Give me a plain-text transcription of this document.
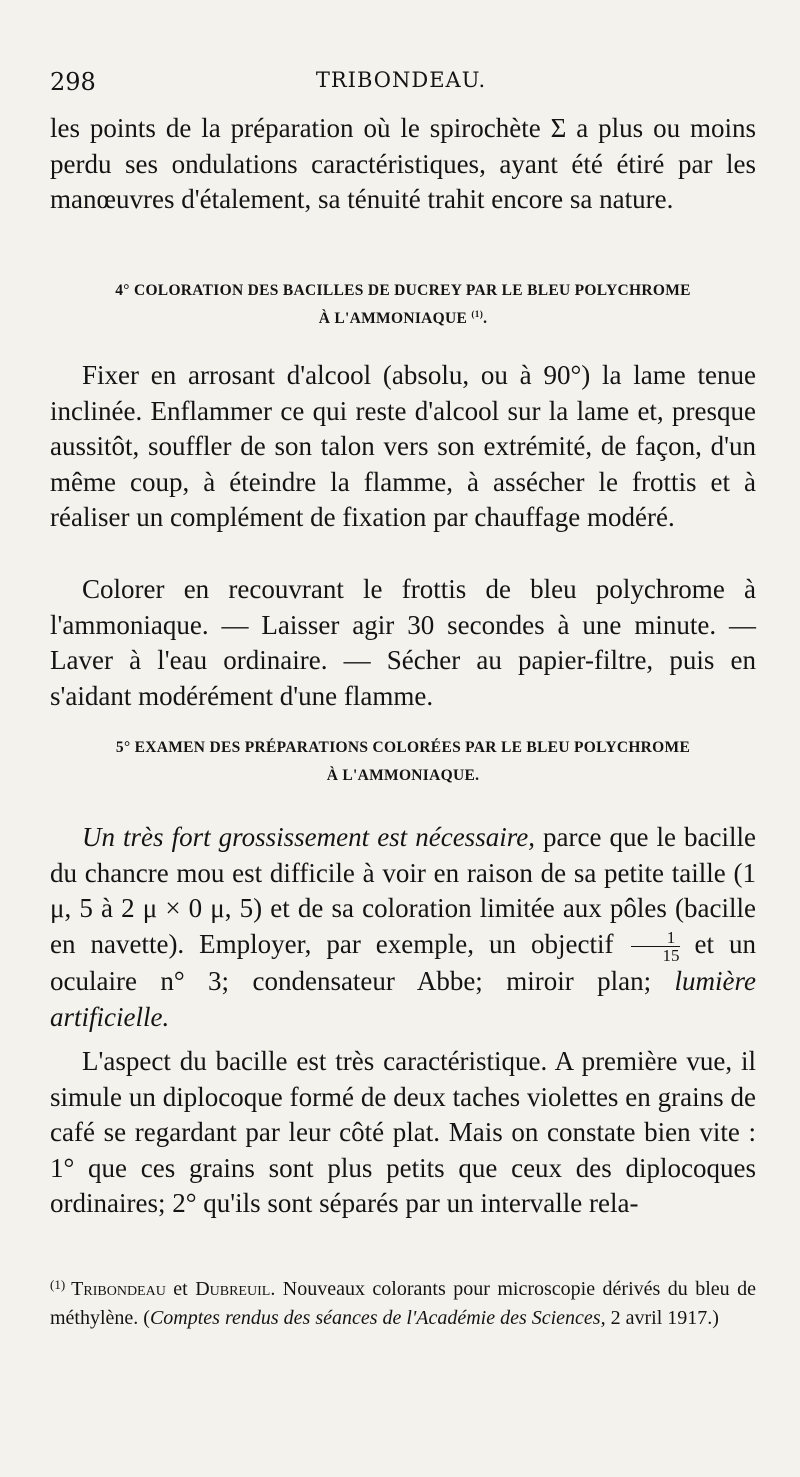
298	TRIBONDEAU.

les points de la préparation où le spirochète Σ a plus ou moins perdu ses ondulations caractéristiques, ayant été étiré par les manœuvres d'étalement, sa ténuité trahit encore sa nature.

4° COLORATION DES BACILLES DE DUCREY PAR LE BLEU POLYCHROME

À L'AMMONIAQUE $^{(1)}$.

Fixer en arrosant d'alcool (absolu, ou à 90°) la lame tenue inclinée. Enflammer ce qui reste d'alcool sur la lame et, presque aussitôt, souffler de son talon vers son extrémité, de façon, d'un même coup, à éteindre la flamme, à assécher le frottis et à réaliser un complément de fixation par chauffage modéré.

Colorer en recouvrant le frottis de bleu polychrome à l'ammoniaque. — Laisser agir 30 secondes à une minute. — Laver à l'eau ordinaire. — Sécher au papier-filtre, puis en s'aidant modérément d'une flamme.

5° EXAMEN DES PRÉPARATIONS COLORÉES PAR LE BLEU POLYCHROME

À L'AMMONIAQUE.

Un très fort grossissement est nécessaire, parce que le bacille du chancre mou est difficile à voir en raison de sa petite taille (1 μ, 5 à 2 μ × 0 μ, 5) et de sa coloration limitée aux pôles (bacille en navette). Employer, par exemple, un objectif $\frac{1}{15}$ et un oculaire n° 3; condensateur Abbe; miroir plan; lumière artificielle.

L'aspect du bacille est très caractéristique. A première vue, il simule un diplocoque formé de deux taches violettes en grains de café se regardant par leur côté plat. Mais on constate bien vite : 1° que ces grains sont plus petits que ceux des diplocoques ordinaires; 2° qu'ils sont séparés par un intervalle rela-

$^{(1)}$ Tribondeau et Dubreuil. Nouveaux colorants pour microscopie dérivés du bleu de méthylène. (Comptes rendus des séances de l'Académie des Sciences, 2 avril 1917.)
